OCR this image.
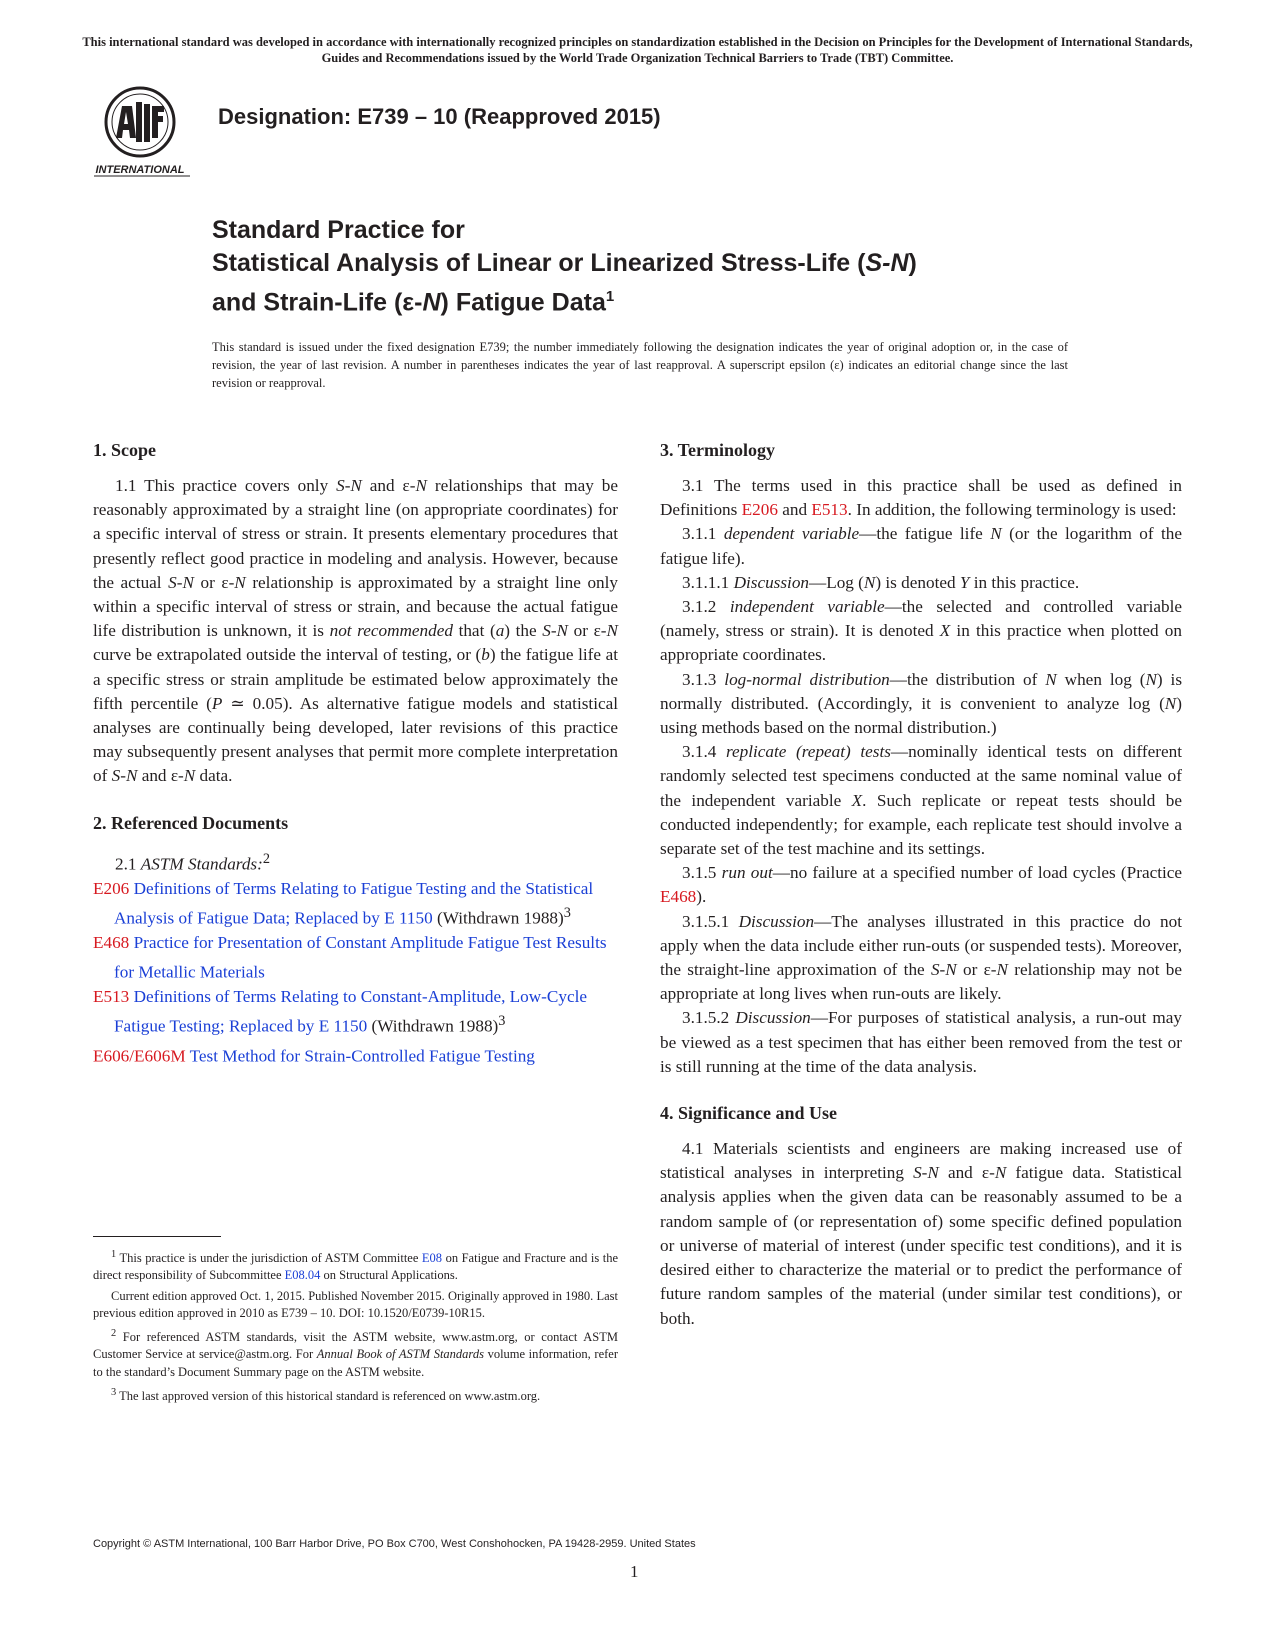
This international standard was developed in accordance with internationally recognized principles on standardization established in the Decision on Principles for the Development of International Standards, Guides and Recommendations issued by the World Trade Organization Technical Barriers to Trade (TBT) Committee.
INTERNATIONAL
Designation: E739 – 10 (Reapproved 2015)
Standard Practice for
Statistical Analysis of Linear or Linearized Stress-Life (S-N)
and Strain-Life (ε-N) Fatigue Data$^1$
This standard is issued under the fixed designation E739; the number immediately following the designation indicates the year of original adoption or, in the case of revision, the year of last revision. A number in parentheses indicates the year of last reapproval. A superscript epsilon (ε) indicates an editorial change since the last revision or reapproval.
1. Scope

1.1 This practice covers only S-N and ε-N relationships that may be reasonably approximated by a straight line (on appropriate coordinates) for a specific interval of stress or strain. It presents elementary procedures that presently reflect good practice in modeling and analysis. However, because the actual S-N or ε-N relationship is approximated by a straight line only within a specific interval of stress or strain, and because the actual fatigue life distribution is unknown, it is not recommended that (a) the S-N or ε-N curve be extrapolated outside the interval of testing, or (b) the fatigue life at a specific stress or strain amplitude be estimated below approximately the fifth percentile (P ≃ 0.05). As alternative fatigue models and statistical analyses are continually being developed, later revisions of this practice may subsequently present analyses that permit more complete interpretation of S-N and ε-N data.

2. Referenced Documents

2.1 ASTM Standards:$^2$

E206 Definitions of Terms Relating to Fatigue Testing and the Statistical Analysis of Fatigue Data; Replaced by E 1150 (Withdrawn 1988)$^3$

E468 Practice for Presentation of Constant Amplitude Fatigue Test Results for Metallic Materials

E513 Definitions of Terms Relating to Constant-Amplitude, Low-Cycle Fatigue Testing; Replaced by E 1150 (Withdrawn 1988)$^3$

E606/E606M Test Method for Strain-Controlled Fatigue Testing

$^1$ This practice is under the jurisdiction of ASTM Committee E08 on Fatigue and Fracture and is the direct responsibility of Subcommittee E08.04 on Structural Applications.

Current edition approved Oct. 1, 2015. Published November 2015. Originally approved in 1980. Last previous edition approved in 2010 as E739 – 10. DOI: 10.1520/E0739-10R15.

$^2$ For referenced ASTM standards, visit the ASTM website, www.astm.org, or contact ASTM Customer Service at service@astm.org. For Annual Book of ASTM Standards volume information, refer to the standard’s Document Summary page on the ASTM website.

$^3$ The last approved version of this historical standard is referenced on www.astm.org.

3. Terminology

3.1 The terms used in this practice shall be used as defined in Definitions E206 and E513. In addition, the following terminology is used:

3.1.1 dependent variable—the fatigue life N (or the logarithm of the fatigue life).

3.1.1.1 Discussion—Log (N) is denoted Y in this practice.

3.1.2 independent variable—the selected and controlled variable (namely, stress or strain). It is denoted X in this practice when plotted on appropriate coordinates.

3.1.3 log-normal distribution—the distribution of N when log (N) is normally distributed. (Accordingly, it is convenient to analyze log (N) using methods based on the normal distribution.)

3.1.4 replicate (repeat) tests—nominally identical tests on different randomly selected test specimens conducted at the same nominal value of the independent variable X. Such replicate or repeat tests should be conducted independently; for example, each replicate test should involve a separate set of the test machine and its settings.

3.1.5 run out—no failure at a specified number of load cycles (Practice E468).

3.1.5.1 Discussion—The analyses illustrated in this practice do not apply when the data include either run-outs (or suspended tests). Moreover, the straight-line approximation of the S-N or ε-N relationship may not be appropriate at long lives when run-outs are likely.

3.1.5.2 Discussion—For purposes of statistical analysis, a run-out may be viewed as a test specimen that has either been removed from the test or is still running at the time of the data analysis.

4. Significance and Use

4.1 Materials scientists and engineers are making increased use of statistical analyses in interpreting S-N and ε-N fatigue data. Statistical analysis applies when the given data can be reasonably assumed to be a random sample of (or representation of) some specific defined population or universe of material of interest (under specific test conditions), and it is desired either to characterize the material or to predict the performance of future random samples of the material (under similar test conditions), or both.

Copyright © ASTM International, 100 Barr Harbor Drive, PO Box C700, West Conshohocken, PA 19428-2959. United States
1
